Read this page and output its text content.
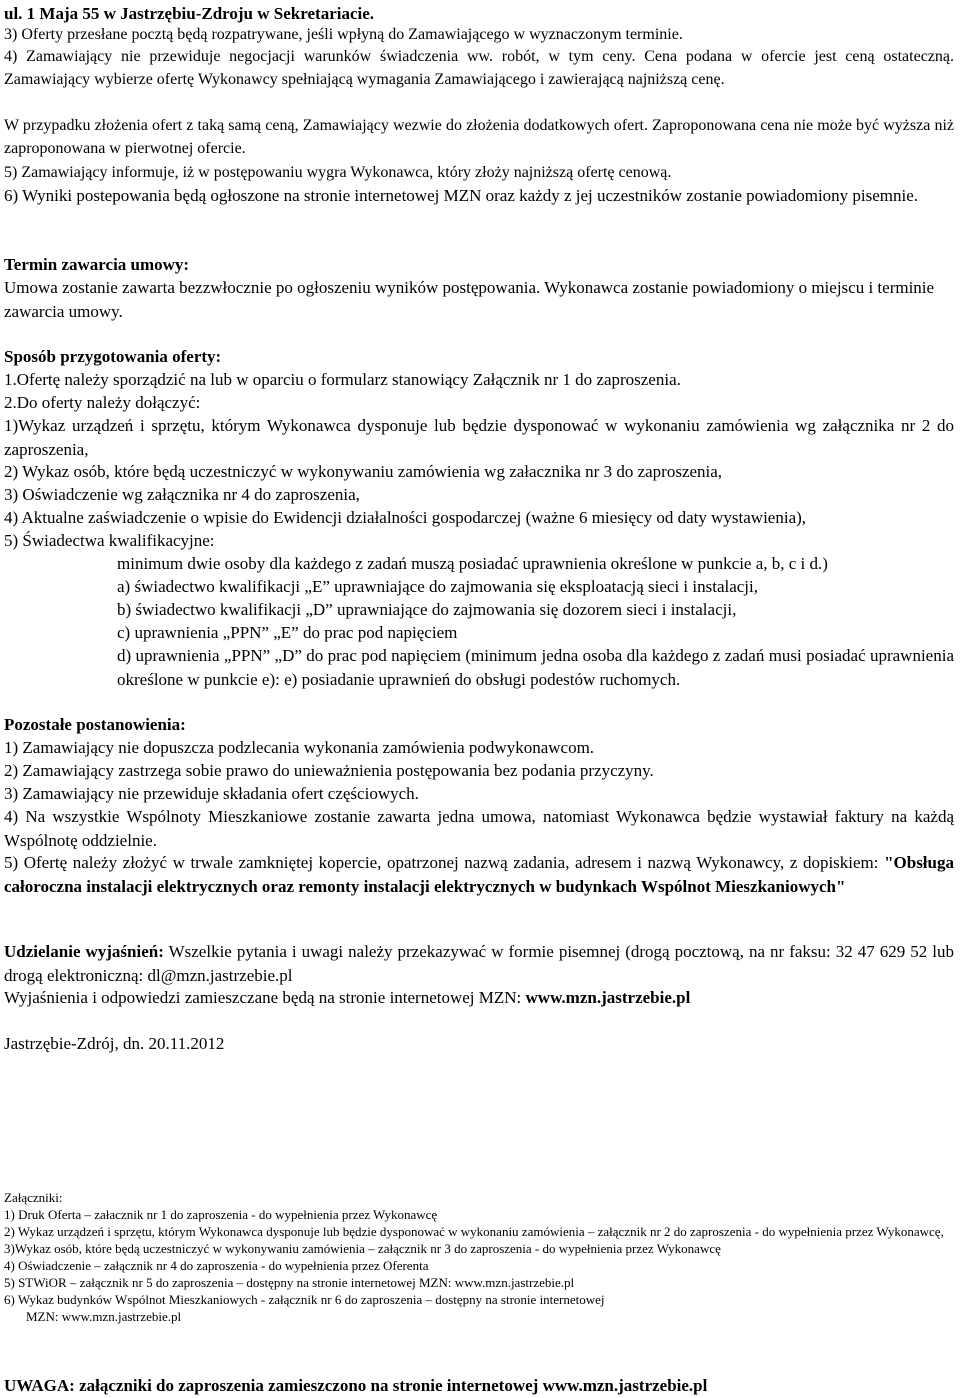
ul. 1 Maja 55 w Jastrzębiu-Zdroju w Sekretariacie.

3) Oferty przesłane pocztą będą rozpatrywane, jeśli wpłyną do Zamawiającego w wyznaczonym terminie.

4) Zamawiający nie przewiduje negocjacji warunków świadczenia ww. robót, w tym ceny. Cena podana w ofercie jest ceną ostateczną. Zamawiający wybierze ofertę Wykonawcy spełniającą wymagania Zamawiającego i zawierającą najniższą cenę.

W przypadku złożenia ofert z taką samą ceną, Zamawiający wezwie do złożenia dodatkowych ofert. Zaproponowana cena nie może być wyższa niż zaproponowana w pierwotnej ofercie.

5) Zamawiający informuje, iż w postępowaniu wygra Wykonawca, który złoży najniższą ofertę cenową.

6) Wyniki postepowania będą ogłoszone na stronie internetowej MZN oraz każdy z jej uczestników zostanie powiadomiony pisemnie.

Termin zawarcia umowy:

Umowa zostanie zawarta bezzwłocznie po ogłoszeniu wyników postępowania. Wykonawca zostanie powiadomiony o miejscu i terminie zawarcia umowy.

Sposób przygotowania oferty:

1.Ofertę należy sporządzić na lub w oparciu o formularz stanowiący Załącznik nr 1 do zaproszenia.

2.Do oferty należy dołączyć:

1)Wykaz urządzeń i sprzętu, którym Wykonawca dysponuje lub będzie dysponować w wykonaniu zamówienia wg załącznika nr 2 do zaproszenia,

2) Wykaz osób, które będą uczestniczyć w wykonywaniu zamówienia wg załacznika nr 3 do zaproszenia,

3) Oświadczenie wg załącznika nr 4 do zaproszenia,

4) Aktualne zaświadczenie o wpisie do Ewidencji działalności gospodarczej (ważne 6 miesięcy od daty wystawienia),

5) Świadectwa kwalifikacyjne:

minimum dwie osoby dla każdego z zadań muszą posiadać uprawnienia określone w punkcie a, b, c i d.)

a) świadectwo kwalifikacji „E” uprawniające do zajmowania się eksploatacją sieci i instalacji,

b) świadectwo kwalifikacji „D” uprawniające do zajmowania się dozorem sieci i instalacji,

c) uprawnienia „PPN” „E” do prac pod napięciem

d) uprawnienia „PPN” „D” do prac pod napięciem (minimum jedna osoba dla każdego z zadań musi posiadać uprawnienia określone w punkcie e): e) posiadanie uprawnień do obsługi podestów ruchomych.

Pozostałe postanowienia:

1) Zamawiający nie dopuszcza podzlecania wykonania zamówienia podwykonawcom.

2) Zamawiający zastrzega sobie prawo do unieważnienia postępowania bez podania przyczyny.

3) Zamawiający nie przewiduje składania ofert częściowych.

4) Na wszystkie Wspólnoty Mieszkaniowe zostanie zawarta jedna umowa, natomiast Wykonawca będzie wystawiał faktury na każdą Wspólnotę oddzielnie.

5) Ofertę należy złożyć w trwale zamkniętej kopercie, opatrzonej nazwą zadania, adresem i nazwą Wykonawcy, z dopiskiem: "Obsługa całoroczna instalacji elektrycznych oraz remonty instalacji elektrycznych w budynkach Wspólnot Mieszkaniowych"

Udzielanie wyjaśnień: Wszelkie pytania i uwagi należy przekazywać w formie pisemnej (drogą pocztową, na nr faksu: 32 47 629 52 lub drogą elektroniczną: dl@mzn.jastrzebie.pl

Wyjaśnienia i odpowiedzi zamieszczane będą na stronie internetowej MZN: www.mzn.jastrzebie.pl

Jastrzębie-Zdrój, dn. 20.11.2012

Załączniki:

1) Druk Oferta – załacznik nr 1 do zaproszenia - do wypełnienia przez Wykonawcę

2) Wykaz urządzeń i sprzętu, którym Wykonawca dysponuje lub będzie dysponować w wykonaniu zamówienia – załącznik nr 2 do zaproszenia - do wypełnienia przez Wykonawcę,

3)Wykaz osób, które będą uczestniczyć w wykonywaniu zamówienia – załącznik nr 3 do zaproszenia - do wypełnienia przez Wykonawcę

4) Oświadczenie – załącznik nr 4 do zaproszenia - do wypełnienia przez Oferenta

5) STWiOR – załącznik nr 5 do zaproszenia – dostępny na stronie internetowej MZN: www.mzn.jastrzebie.pl

6) Wykaz budynków Wspólnot Mieszkaniowych - załącznik nr 6 do zaproszenia – dostępny na stronie internetowej

MZN: www.mzn.jastrzebie.pl

UWAGA: załączniki do zaproszenia zamieszczono na stronie internetowej www.mzn.jastrzebie.pl
